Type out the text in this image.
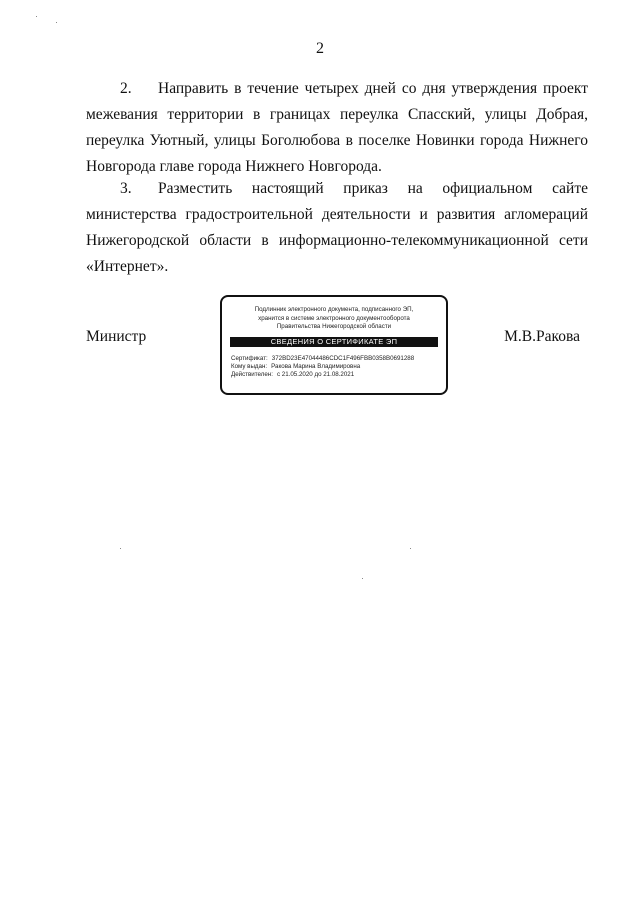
2

2. Направить в течение четырех дней со дня утверждения проект межевания территории в границах переулка Спасский, улицы Добрая, переулка Уютный, улицы Боголюбова в поселке Новинки города Нижнего Новгорода главе города Нижнего Новгорода.

3. Разместить настоящий приказ на официальном сайте министерства градостроительной деятельности и развития агломераций Нижегородской области в информационно-телекоммуникационной сети «Интернет».

Министр	М.В.Ракова
Подлинник электронного документа, подписанного ЭП,
хранится в системе электронного документооборота
Правительства Нижегородской области
СВЕДЕНИЯ О СЕРТИФИКАТЕ ЭП
Сертификат: 372BD23E47044486CDC1F496FBB0358B0691288
Кому выдан: Ракова Марина Владимировна
Действителен: с 21.05.2020 до 21.08.2021
